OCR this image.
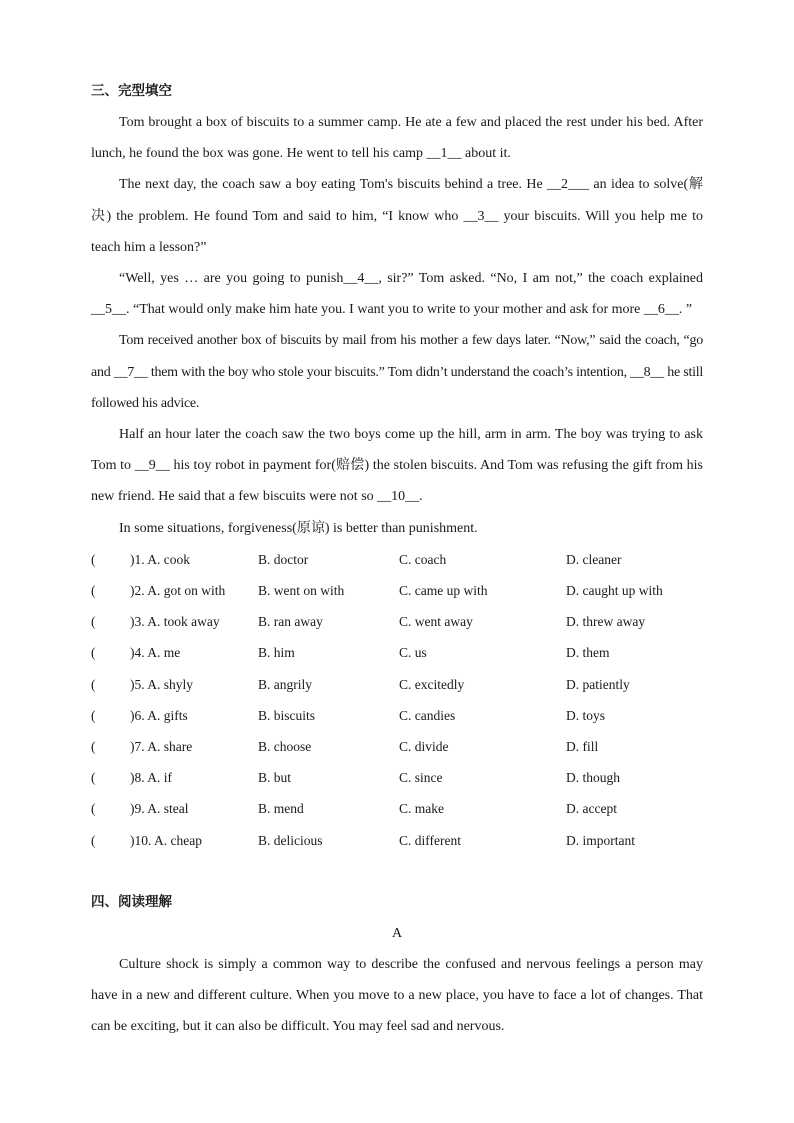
三、完型填空

Tom brought a box of biscuits to a summer camp. He ate a few and placed the rest under his bed. After lunch, he found the box was gone. He went to tell his camp __1__ about it.

The next day, the coach saw a boy eating Tom's biscuits behind a tree. He __2___ an idea to solve(解决) the problem. He found Tom and said to him, “I know who __3__ your biscuits. Will you help me to teach him a lesson?”

“Well, yes … are you going to punish__4__, sir?” Tom asked. “No, I am not,” the coach explained __5__. “That would only make him hate you. I want you to write to your mother and ask for more __6__. ”

Tom received another box of biscuits by mail from his mother a few days later. “Now,” said the coach, “go and __7__ them with the boy who stole your biscuits.” Tom didn’t understand the coach’s intention, __8__ he still followed his advice.

Half an hour later the coach saw the two boys come up the hill, arm in arm. The boy was trying to ask Tom to __9__ his toy robot in payment for(赔偿) the stolen biscuits. And Tom was refusing the gift from his new friend. He said that a few biscuits were not so __10__.

In some situations, forgiveness(原谅) is better than punishment.

(	)1. A. cook	B. doctor	C. coach	D. cleaner
(	)2. A. got on with	B. went on with	C. came up with	D. caught up with
(	)3. A. took away	B. ran away	C. went away	D. threw away
(	)4. A. me	B. him	C. us	D. them
(	)5. A. shyly	B. angrily	C. excitedly	D. patiently
(	)6. A. gifts	B. biscuits	C. candies	D. toys
(	)7. A. share	B. choose	C. divide	D. fill
(	)8. A. if	B. but	C. since	D. though
(	)9. A. steal	B. mend	C. make	D. accept
(	)10. A. cheap	B. delicious	C. different	D. important
四、阅读理解
A

Culture shock is simply a common way to describe the confused and nervous feelings a person may have in a new and different culture. When you move to a new place, you have to face a lot of changes. That can be exciting, but it can also be difficult. You may feel sad and nervous.
